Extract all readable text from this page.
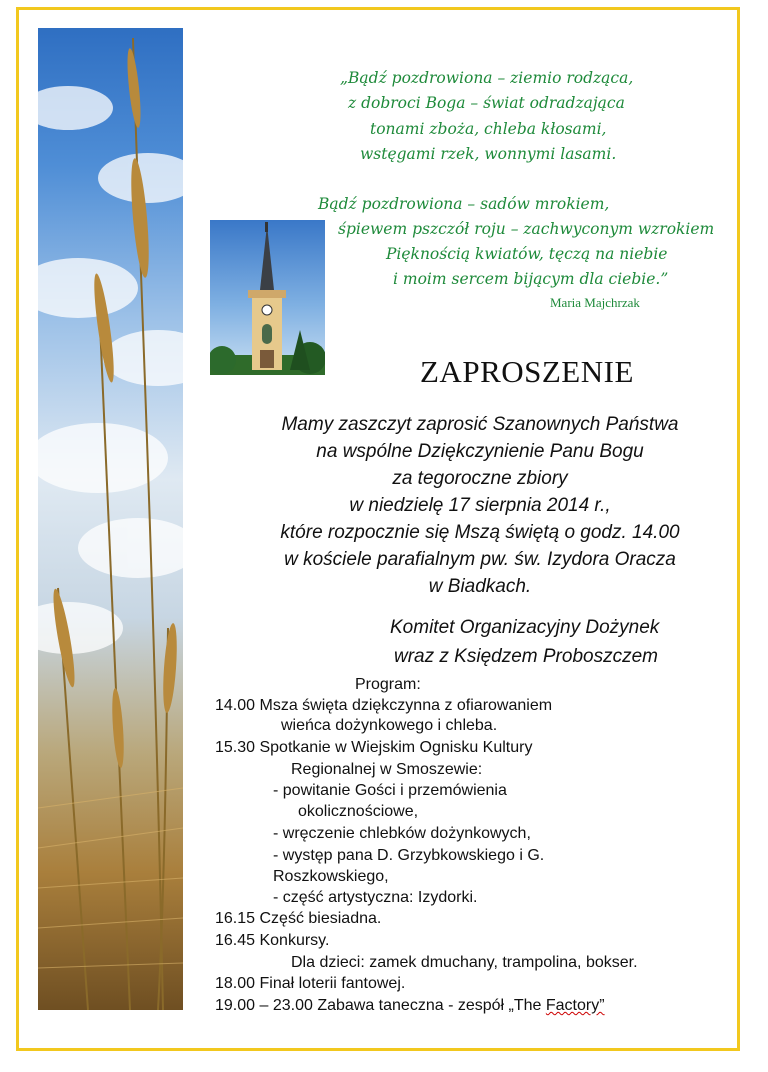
„Bądź pozdrowiona – ziemio rodząca,
z dobroci Boga – świat odradzająca
tonami zboża, chleba kłosami,
wstęgami rzek, wonnymi lasami.
Bądź pozdrowiona – sadów mrokiem,
śpiewem pszczół roju – zachwyconym wzrokiem
Pięknością kwiatów, tęczą na niebie
i moim sercem bijącym dla ciebie.”
Maria Majchrzak
ZAPROSZENIE
Mamy zaszczyt zaprosić Szanownych Państwa
na wspólne Dziękczynienie Panu Bogu
za tegoroczne zbiory
w niedzielę 17 sierpnia 2014 r.,
które rozpocznie się Mszą świętą o godz. 14.00
w kościele parafialnym pw. św. Izydora Oracza
w Biadkach.
Komitet Organizacyjny Dożynek
wraz z Księdzem Proboszczem
Program:
14.00 Msza święta dziękczynna z ofiarowaniem
wieńca dożynkowego i chleba.
15.30 Spotkanie w Wiejskim Ognisku Kultury
Regionalnej w Smoszewie:
- powitanie Gości i przemówienia
okolicznościowe,
- wręczenie chlebków dożynkowych,
- występ pana D. Grzybkowskiego i G.
Roszkowskiego,
- część artystyczna: Izydorki.
16.15 Część biesiadna.
16.45 Konkursy.
Dla dzieci: zamek dmuchany, trampolina, bokser.
18.00 Finał loterii fantowej.
19.00 – 23.00 Zabawa taneczna - zespół „The Factory”
